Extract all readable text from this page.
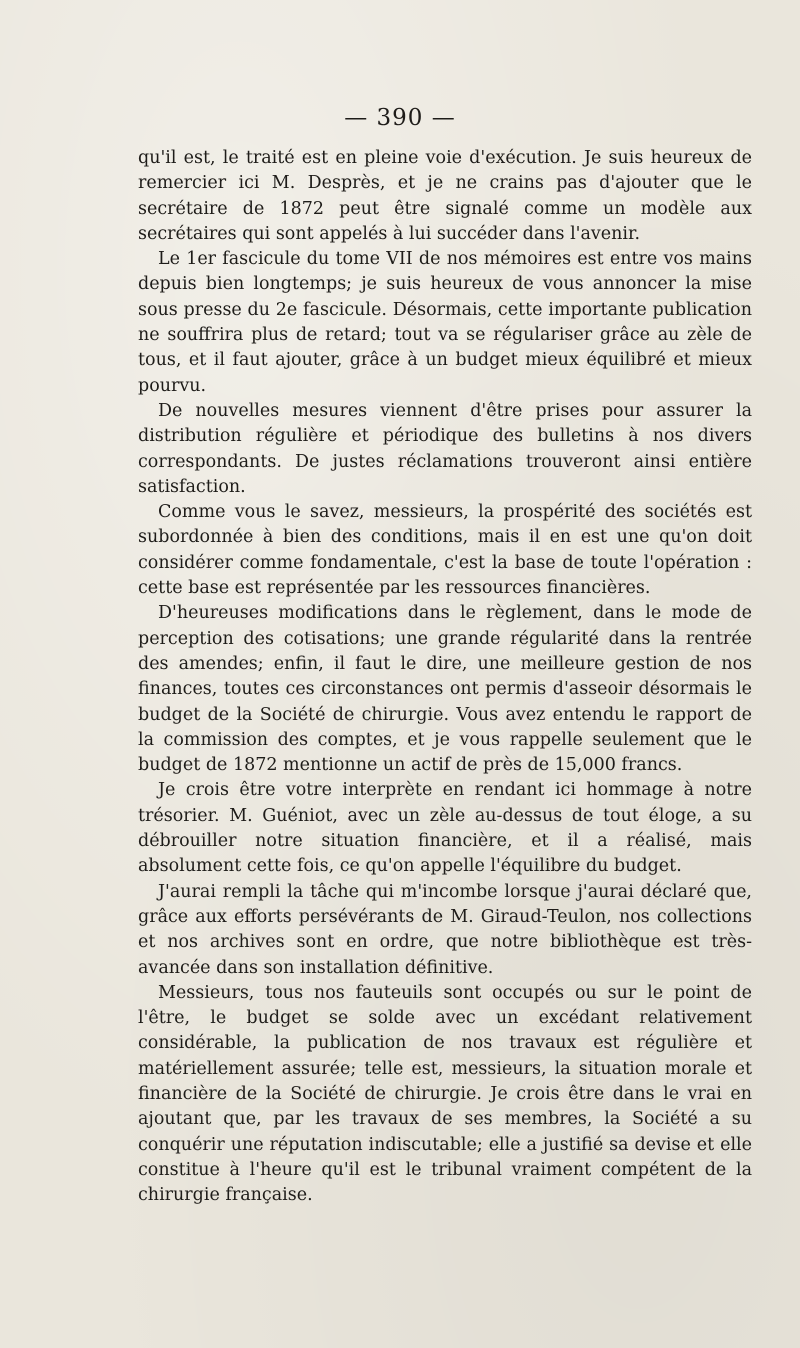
— 390 —

qu'il est, le traité est en pleine voie d'exécution. Je suis heureux de remercier ici M. Desprès, et je ne crains pas d'ajouter que le secrétaire de 1872 peut être signalé comme un modèle aux secrétaires qui sont appelés à lui succéder dans l'avenir.

Le 1er fascicule du tome VII de nos mémoires est entre vos mains depuis bien longtemps; je suis heureux de vous annoncer la mise sous presse du 2e fascicule. Désormais, cette importante publication ne souffrira plus de retard; tout va se régulariser grâce au zèle de tous, et il faut ajouter, grâce à un budget mieux équilibré et mieux pourvu.

De nouvelles mesures viennent d'être prises pour assurer la distribution régulière et périodique des bulletins à nos divers correspondants. De justes réclamations trouveront ainsi entière satisfaction.

Comme vous le savez, messieurs, la prospérité des sociétés est subordonnée à bien des conditions, mais il en est une qu'on doit considérer comme fondamentale, c'est la base de toute l'opération : cette base est représentée par les ressources financières.

D'heureuses modifications dans le règlement, dans le mode de perception des cotisations; une grande régularité dans la rentrée des amendes; enfin, il faut le dire, une meilleure gestion de nos finances, toutes ces circonstances ont permis d'asseoir désormais le budget de la Société de chirurgie. Vous avez entendu le rapport de la commission des comptes, et je vous rappelle seulement que le budget de 1872 mentionne un actif de près de 15,000 francs.

Je crois être votre interprète en rendant ici hommage à notre trésorier. M. Guéniot, avec un zèle au-dessus de tout éloge, a su débrouiller notre situation financière, et il a réalisé, mais absolument cette fois, ce qu'on appelle l'équilibre du budget.

J'aurai rempli la tâche qui m'incombe lorsque j'aurai déclaré que, grâce aux efforts persévérants de M. Giraud-Teulon, nos collections et nos archives sont en ordre, que notre bibliothèque est très-avancée dans son installation définitive.

Messieurs, tous nos fauteuils sont occupés ou sur le point de l'être, le budget se solde avec un excédant relativement considérable, la publication de nos travaux est régulière et matériellement assurée; telle est, messieurs, la situation morale et financière de la Société de chirurgie. Je crois être dans le vrai en ajoutant que, par les travaux de ses membres, la Société a su conquérir une réputation indiscutable; elle a justifié sa devise et elle constitue à l'heure qu'il est le tribunal vraiment compétent de la chirurgie française.
